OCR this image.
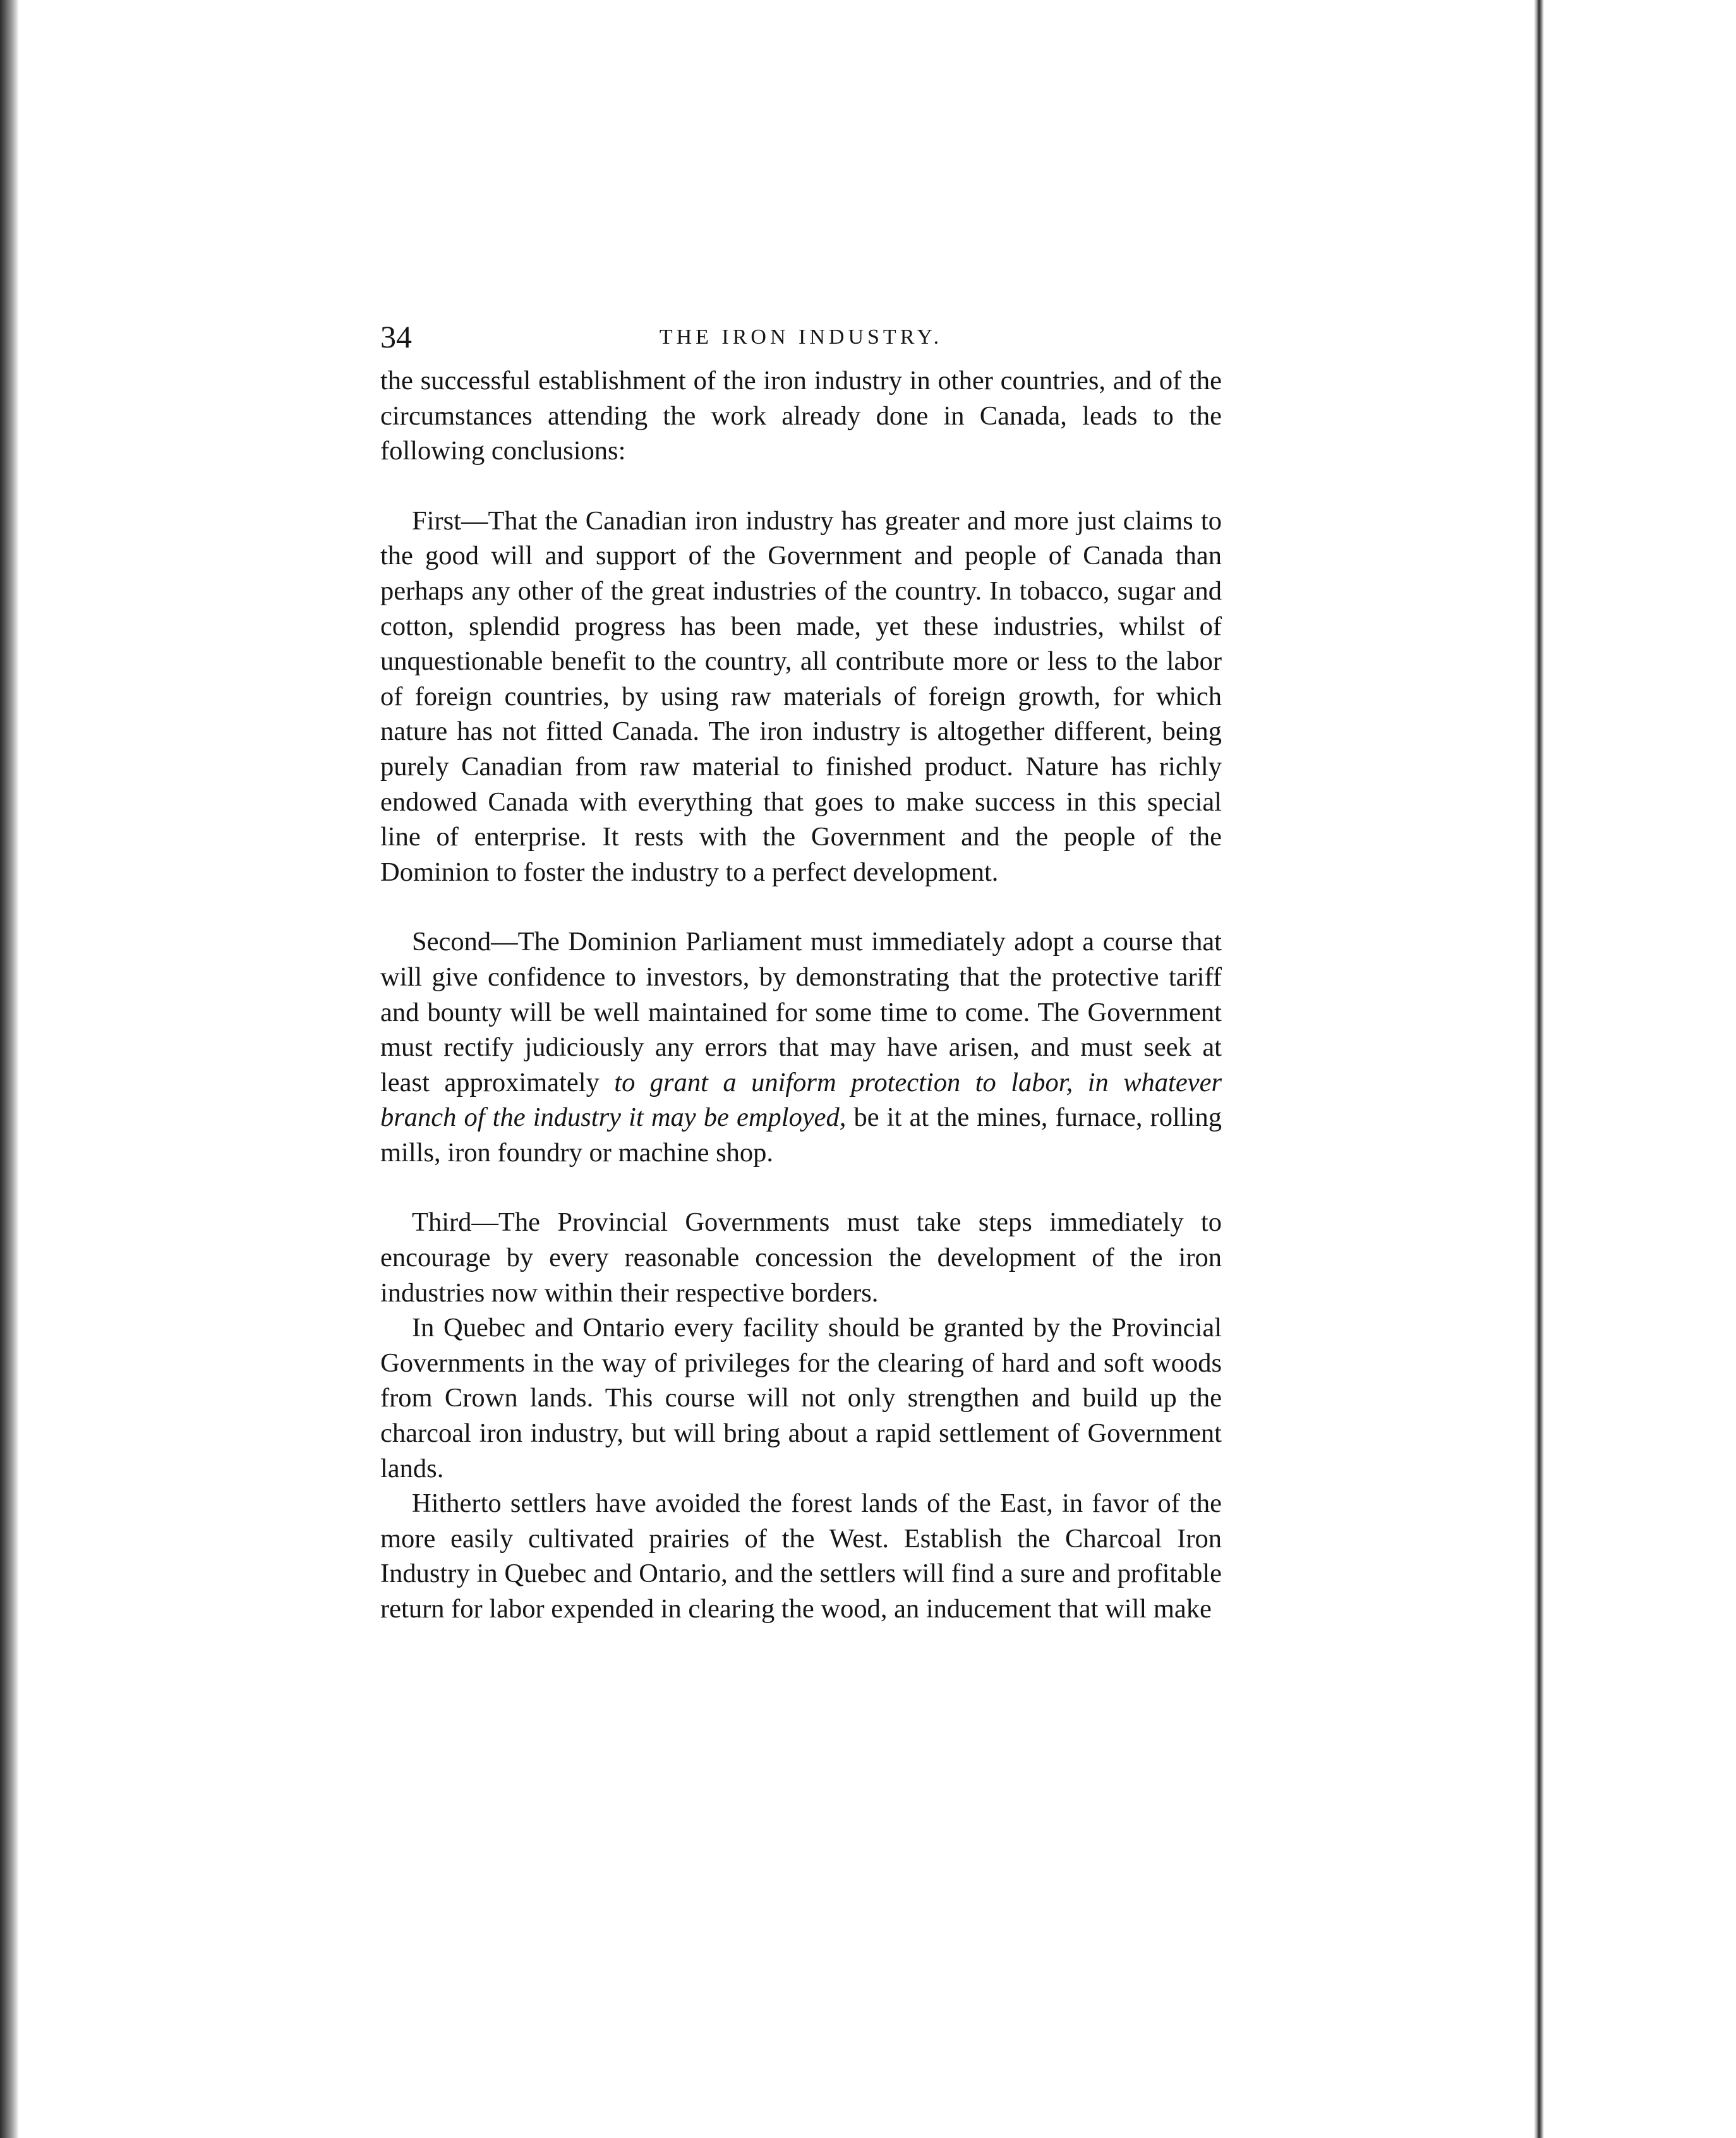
34	THE IRON INDUSTRY.

the successful establishment of the iron industry in other countries, and of the circumstances attending the work already done in Canada, leads to the following conclusions:

First—That the Canadian iron industry has greater and more just claims to the good will and support of the Government and people of Canada than perhaps any other of the great industries of the country. In tobacco, sugar and cotton, splendid progress has been made, yet these industries, whilst of unquestionable benefit to the country, all contribute more or less to the labor of foreign countries, by using raw materials of foreign growth, for which nature has not fitted Canada. The iron industry is altogether different, being purely Canadian from raw material to finished product. Nature has richly endowed Canada with everything that goes to make success in this special line of enterprise. It rests with the Government and the people of the Dominion to foster the industry to a perfect development.

Second—The Dominion Parliament must immediately adopt a course that will give confidence to investors, by demonstrating that the protective tariff and bounty will be well maintained for some time to come. The Government must rectify judiciously any errors that may have arisen, and must seek at least approximately to grant a uniform protection to labor, in whatever branch of the industry it may be employed, be it at the mines, furnace, rolling mills, iron foundry or machine shop.

Third—The Provincial Governments must take steps immediately to encourage by every reasonable concession the development of the iron industries now within their respective borders.

In Quebec and Ontario every facility should be granted by the Provincial Governments in the way of privileges for the clearing of hard and soft woods from Crown lands. This course will not only strengthen and build up the charcoal iron industry, but will bring about a rapid settlement of Government lands.

Hitherto settlers have avoided the forest lands of the East, in favor of the more easily cultivated prairies of the West. Establish the Charcoal Iron Industry in Quebec and Ontario, and the settlers will find a sure and profitable return for labor expended in clearing the wood, an inducement that will make
